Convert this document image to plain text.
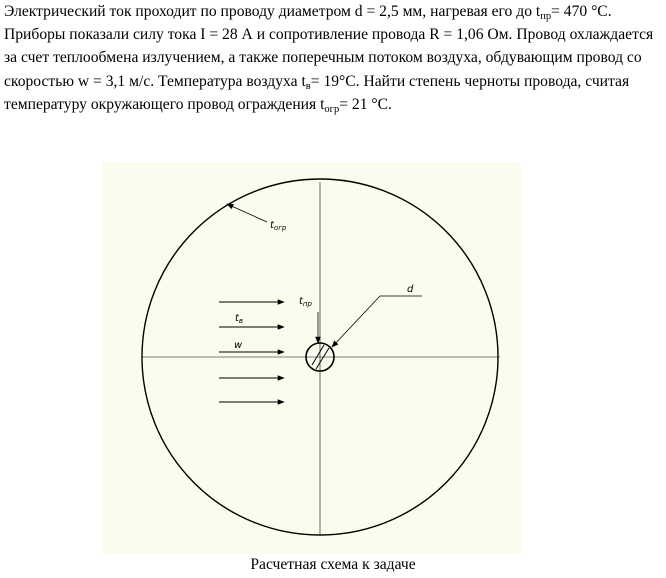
Электрический ток проходит по проводу диаметром d = 2,5 мм, нагревая его до $t_{пр}= 470$ °С. Приборы показали силу тока I = 28 А и сопротивление провода R = 1,06 Ом. Провод охлаждается за счет теплообмена излучением, а также поперечным потоком воздуха, обдувающим провод со скоростью w = 3,1 м/с. Температура воздуха $t_в= 19^\circ С$. Найти степень черноты провода, считая температуру окружающего провод ограждения $t_{огр}= 21$ °С.

$t_{огр}$
$t_{пр}$
d
$t_в$
w
Расчетная схема к задаче
